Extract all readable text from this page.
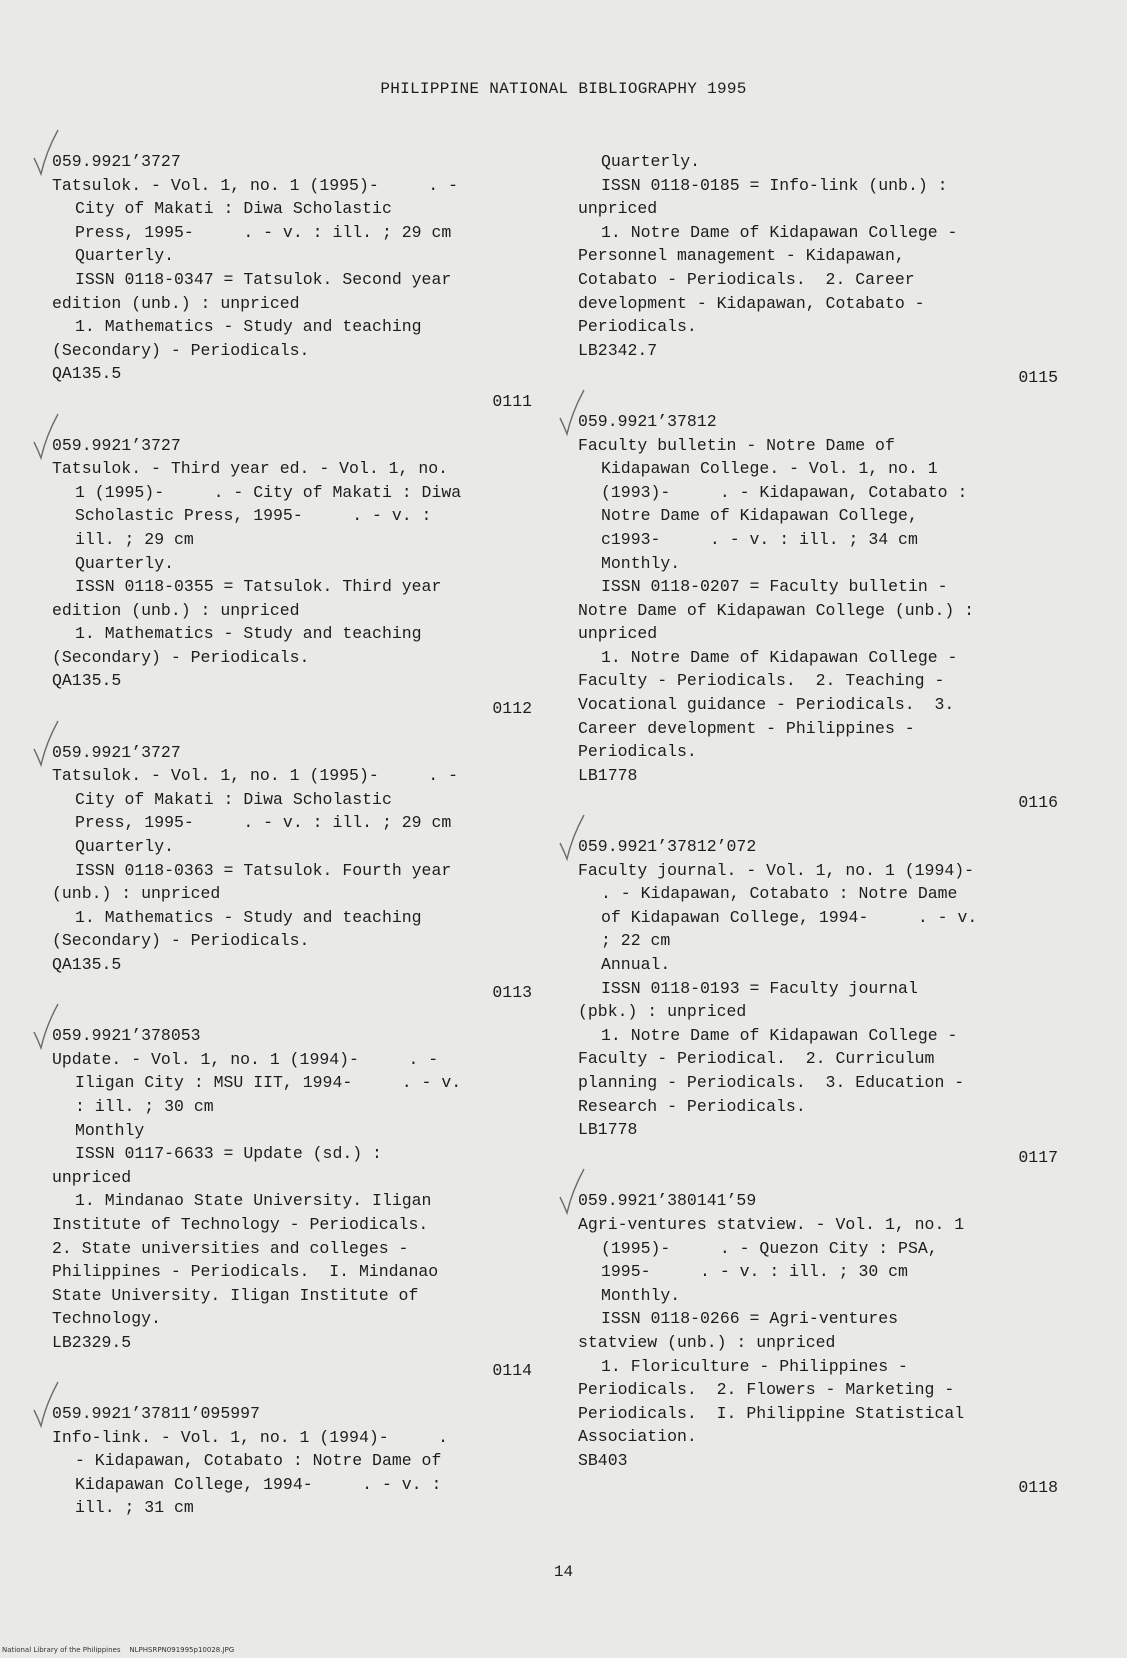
PHILIPPINE NATIONAL BIBLIOGRAPHY 1995
059.9921’3727
Tatsulok. - Vol. 1, no. 1 (1995)-     . -
City of Makati : Diwa Scholastic
Press, 1995-     . - v. : ill. ; 29 cm
Quarterly.
ISSN 0118-0347 = Tatsulok. Second year
edition (unb.) : unpriced
1. Mathematics - Study and teaching
(Secondary) - Periodicals.
QA135.5
0111
059.9921’3727
Tatsulok. - Third year ed. - Vol. 1, no.
1 (1995)-     . - City of Makati : Diwa
Scholastic Press, 1995-     . - v. :
ill. ; 29 cm
Quarterly.
ISSN 0118-0355 = Tatsulok. Third year
edition (unb.) : unpriced
1. Mathematics - Study and teaching
(Secondary) - Periodicals.
QA135.5
0112
059.9921’3727
Tatsulok. - Vol. 1, no. 1 (1995)-     . -
City of Makati : Diwa Scholastic
Press, 1995-     . - v. : ill. ; 29 cm
Quarterly.
ISSN 0118-0363 = Tatsulok. Fourth year
(unb.) : unpriced
1. Mathematics - Study and teaching
(Secondary) - Periodicals.
QA135.5
0113
059.9921’378053
Update. - Vol. 1, no. 1 (1994)-     . -
Iligan City : MSU IIT, 1994-     . - v.
: ill. ; 30 cm
Monthly
ISSN 0117-6633 = Update (sd.) :
unpriced
1. Mindanao State University. Iligan
Institute of Technology - Periodicals.
2. State universities and colleges -
Philippines - Periodicals.  I. Mindanao
State University. Iligan Institute of
Technology.
LB2329.5
0114
059.9921’37811’095997
Info-link. - Vol. 1, no. 1 (1994)-     .
- Kidapawan, Cotabato : Notre Dame of
Kidapawan College, 1994-     . - v. :
ill. ; 31 cm
Quarterly.
ISSN 0118-0185 = Info-link (unb.) :
unpriced
1. Notre Dame of Kidapawan College -
Personnel management - Kidapawan,
Cotabato - Periodicals.  2. Career
development - Kidapawan, Cotabato -
Periodicals.
LB2342.7
0115
059.9921’37812
Faculty bulletin - Notre Dame of
Kidapawan College. - Vol. 1, no. 1
(1993)-     . - Kidapawan, Cotabato :
Notre Dame of Kidapawan College,
c1993-     . - v. : ill. ; 34 cm
Monthly.
ISSN 0118-0207 = Faculty bulletin -
Notre Dame of Kidapawan College (unb.) :
unpriced
1. Notre Dame of Kidapawan College -
Faculty - Periodicals.  2. Teaching -
Vocational guidance - Periodicals.  3.
Career development - Philippines -
Periodicals.
LB1778
0116
059.9921’37812’072
Faculty journal. - Vol. 1, no. 1 (1994)-
. - Kidapawan, Cotabato : Notre Dame
of Kidapawan College, 1994-     . - v.
; 22 cm
Annual.
ISSN 0118-0193 = Faculty journal
(pbk.) : unpriced
1. Notre Dame of Kidapawan College -
Faculty - Periodical.  2. Curriculum
planning - Periodicals.  3. Education -
Research - Periodicals.
LB1778
0117
059.9921’380141’59
Agri-ventures statview. - Vol. 1, no. 1
(1995)-     . - Quezon City : PSA,
1995-     . - v. : ill. ; 30 cm
Monthly.
ISSN 0118-0266 = Agri-ventures
statview (unb.) : unpriced
1. Floriculture - Philippines -
Periodicals.  2. Flowers - Marketing -
Periodicals.  I. Philippine Statistical
Association.
SB403
0118
14
National Library of the Philippines NLPHSRPN091995p10028.JPG
